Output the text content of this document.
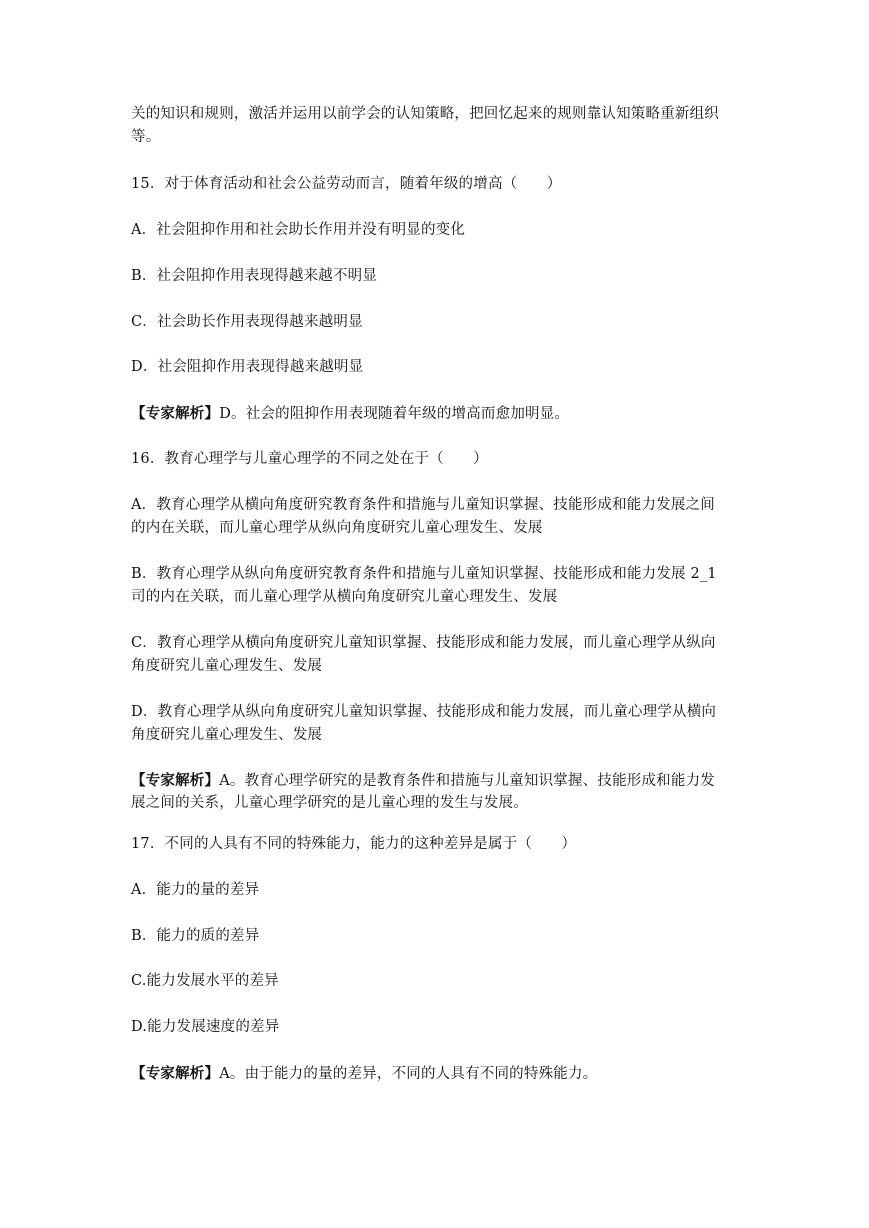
关的知识和规则，激活并运用以前学会的认知策略，把回忆起来的规则靠认知策略重新组织
等。
15．对于体育活动和社会公益劳动而言，随着年级的增高（　　）
A．社会阻抑作用和社会助长作用并没有明显的变化
B．社会阻抑作用表现得越来越不明显
C．社会助长作用表现得越来越明显
D．社会阻抑作用表现得越来越明显
【专家解析】D。社会的阻抑作用表现随着年级的增高而愈加明显。
16．教育心理学与儿童心理学的不同之处在于（　　）
A．教育心理学从横向角度研究教育条件和措施与儿童知识掌握、技能形成和能力发展之间
的内在关联，而儿童心理学从纵向角度研究儿童心理发生、发展
B．教育心理学从纵向角度研究教育条件和措施与儿童知识掌握、技能形成和能力发展 2_1
司的内在关联，而儿童心理学从横向角度研究儿童心理发生、发展
C．教育心理学从横向角度研究儿童知识掌握、技能形成和能力发展，而儿童心理学从纵向
角度研究儿童心理发生、发展
D．教育心理学从纵向角度研究儿童知识掌握、技能形成和能力发展，而儿童心理学从横向
角度研究儿童心理发生、发展
【专家解析】A。教育心理学研究的是教育条件和措施与儿童知识掌握、技能形成和能力发
展之间的关系，儿童心理学研究的是儿童心理的发生与发展。
17．不同的人具有不同的特殊能力，能力的这种差异是属于（　　）
A．能力的量的差异
B．能力的质的差异
C.能力发展水平的差异
D.能力发展速度的差异
【专家解析】A。由于能力的量的差异，不同的人具有不同的特殊能力。
